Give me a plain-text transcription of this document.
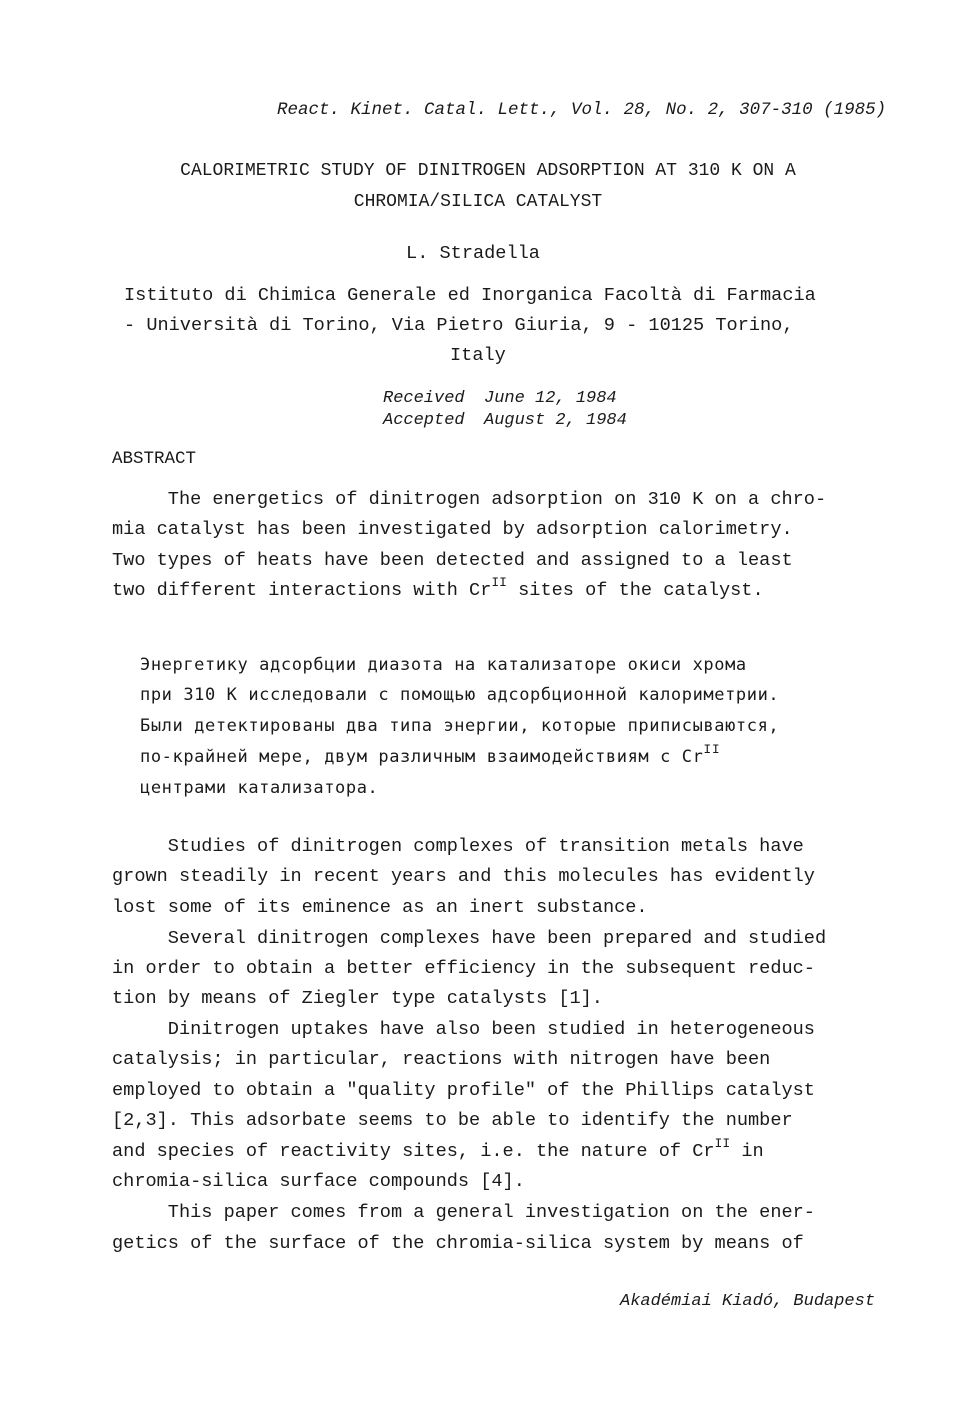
React. Kinet. Catal. Lett., Vol. 28, No. 2, 307-310 (1985)
CALORIMETRIC STUDY OF DINITROGEN ADSORPTION AT 310 K ON A
CHROMIA/SILICA CATALYST
L. Stradella
Istituto di Chimica Generale ed Inorganica Facoltà di Farmacia
- Università di Torino, Via Pietro Giuria, 9 - 10125 Torino,
Italy
Received June 12, 1984
Accepted August 2, 1984
ABSTRACT
The energetics of dinitrogen adsorption on 310 K on a chro-
mia catalyst has been investigated by adsorption calorimetry.
Two types of heats have been detected and assigned to a least
two different interactions with $Cr^{II}$ sites of the catalyst.
Энергетику адсорбции диазота на катализаторе окиси хрома
при 310 К исследовали с помощью адсорбционной калориметрии.
Были детектированы два типа энергии, которые приписываются,
по-крайней мере, двум различным взаимодействиям с $Cr^{II}$
центрами катализатора.
Studies of dinitrogen complexes of transition metals have
grown steadily in recent years and this molecules has evidently
lost some of its eminence as an inert substance.
Several dinitrogen complexes have been prepared and studied
in order to obtain a better efficiency in the subsequent reduc-
tion by means of Ziegler type catalysts [1].
Dinitrogen uptakes have also been studied in heterogeneous
catalysis; in particular, reactions with nitrogen have been
employed to obtain a "quality profile" of the Phillips catalyst
[2,3]. This adsorbate seems to be able to identify the number
and species of reactivity sites, i.e. the nature of $Cr^{II}$ in
chromia-silica surface compounds [4].
This paper comes from a general investigation on the ener-
getics of the surface of the chromia-silica system by means of
Akadémiai Kiadó, Budapest
